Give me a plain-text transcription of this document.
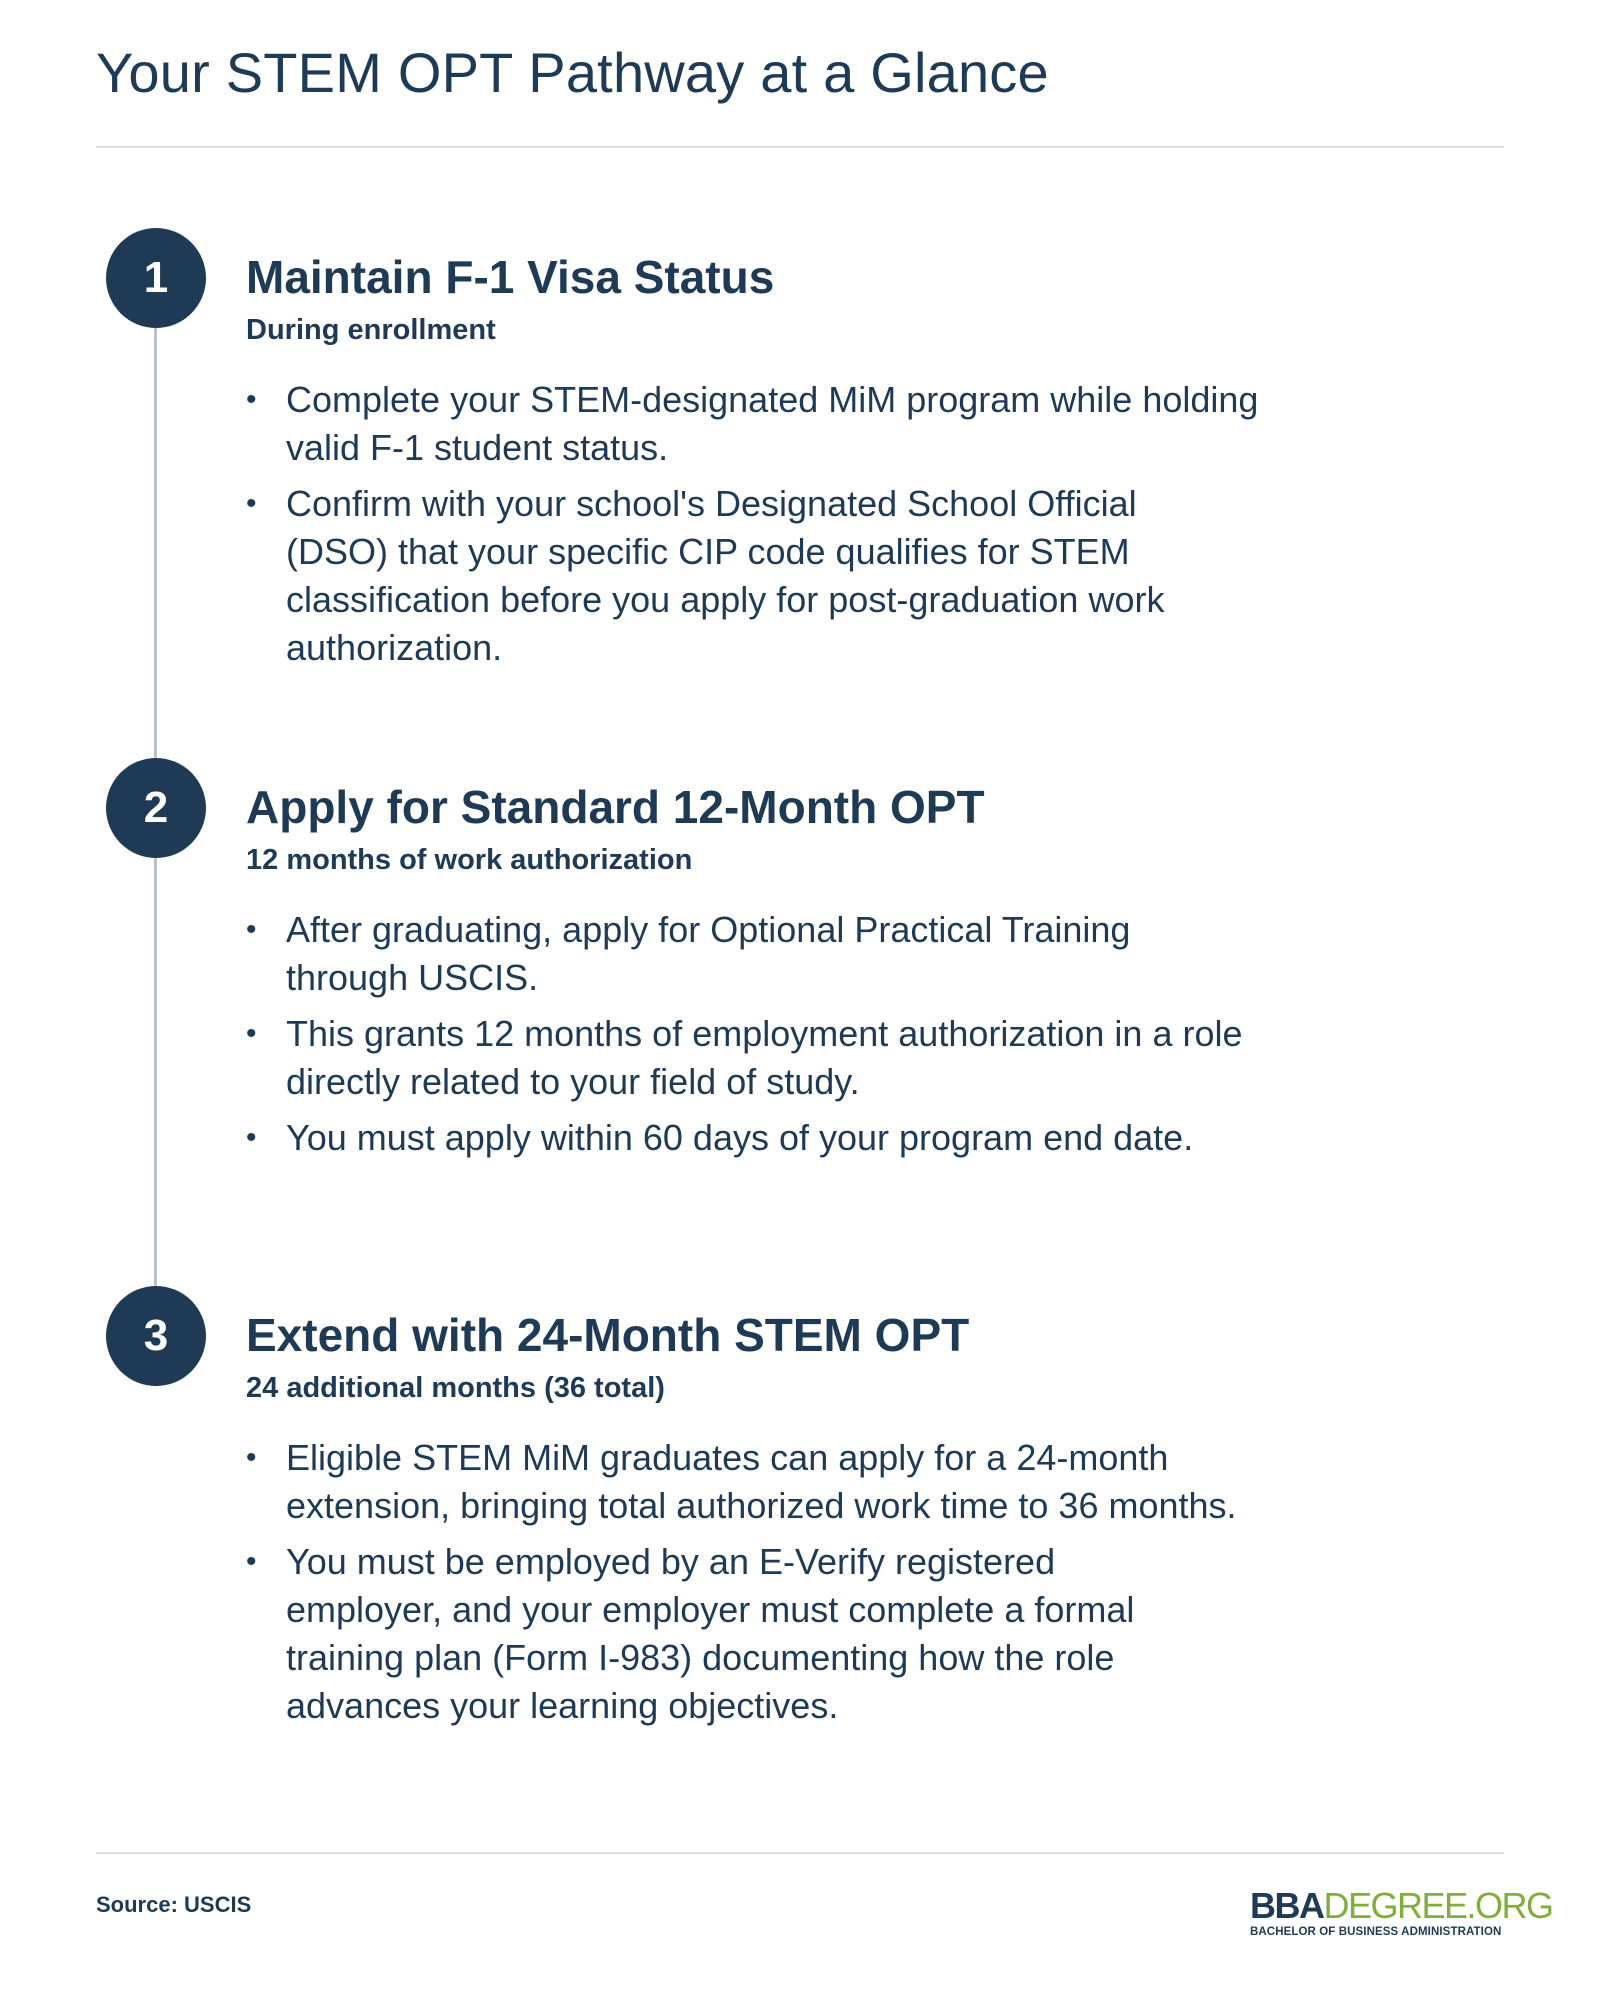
Your STEM OPT Pathway at a Glance
1	Maintain F-1 Visa Status
During enrollment
• Complete your STEM-designated MiM program while holding valid F-1 student status.
• Confirm with your school's Designated School Official (DSO) that your specific CIP code qualifies for STEM classification before you apply for post-graduation work authorization.
2	Apply for Standard 12-Month OPT
12 months of work authorization
• After graduating, apply for Optional Practical Training through USCIS.
• This grants 12 months of employment authorization in a role directly related to your field of study.
• You must apply within 60 days of your program end date.
3	Extend with 24-Month STEM OPT
24 additional months (36 total)
• Eligible STEM MiM graduates can apply for a 24-month extension, bringing total authorized work time to 36 months.
• You must be employed by an E-Verify registered employer, and your employer must complete a formal training plan (Form I-983) documenting how the role advances your learning objectives.
Source: USCIS	BBADEGREE.ORG
BACHELOR OF BUSINESS ADMINISTRATION
